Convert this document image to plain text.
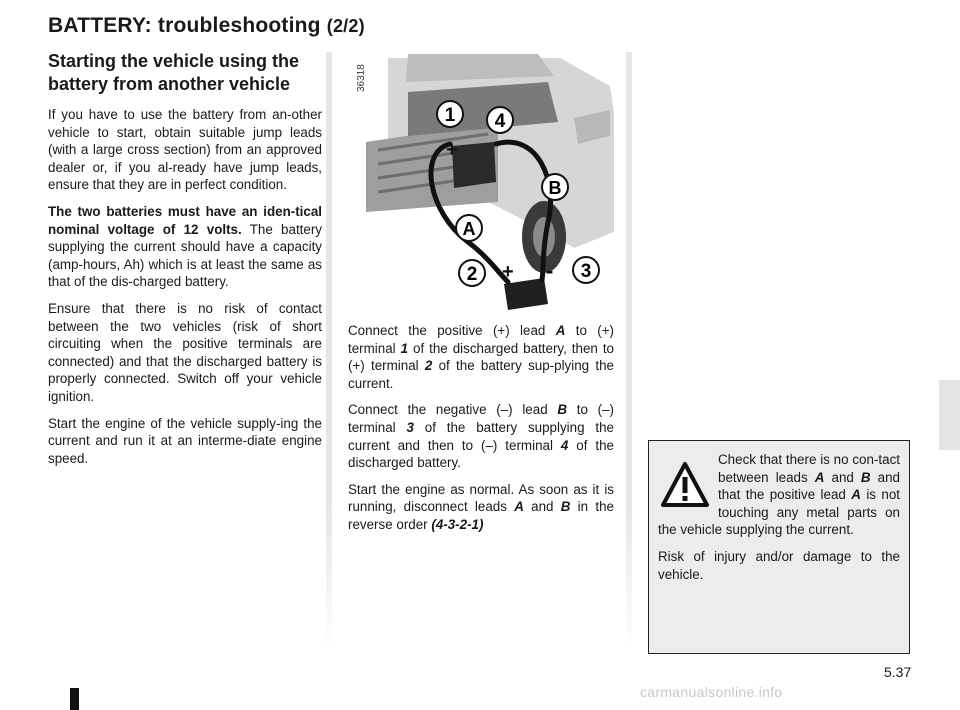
BATTERY: troubleshooting (2/2)
Starting the vehicle using the battery from another vehicle

If you have to use the battery from an-other vehicle to start, obtain suitable jump leads (with a large cross section) from an approved dealer or, if you al-ready have jump leads, ensure that they are in perfect condition.

The two batteries must have an iden-tical nominal voltage of 12 volts. The battery supplying the current should have a capacity (amp-hours, Ah) which is at least the same as that of the dis-charged battery.

Ensure that there is no risk of contact between the two vehicles (risk of short circuiting when the positive terminals are connected) and that the discharged battery is properly connected. Switch off your vehicle ignition.

Start the engine of the vehicle supply-ing the current and run it at an interme-diate engine speed.

36318
1 4
B
A
2	3
+
+ -

Connect the positive (+) lead A to (+) terminal 1 of the discharged battery, then to (+) terminal 2 of the battery sup-plying the current.

Connect the negative (–) lead B to (–) terminal 3 of the battery supplying the current and then to (–) terminal 4 of the discharged battery.

Start the engine as normal. As soon as it is running, disconnect leads A and B in the reverse order (4-3-2-1)

Check that there is no con-tact between leads A and B and that the positive lead A is not touching any metal parts on the vehicle supplying the current.

Risk of injury and/or damage to the vehicle.

5.37
carmanualsonline.info
